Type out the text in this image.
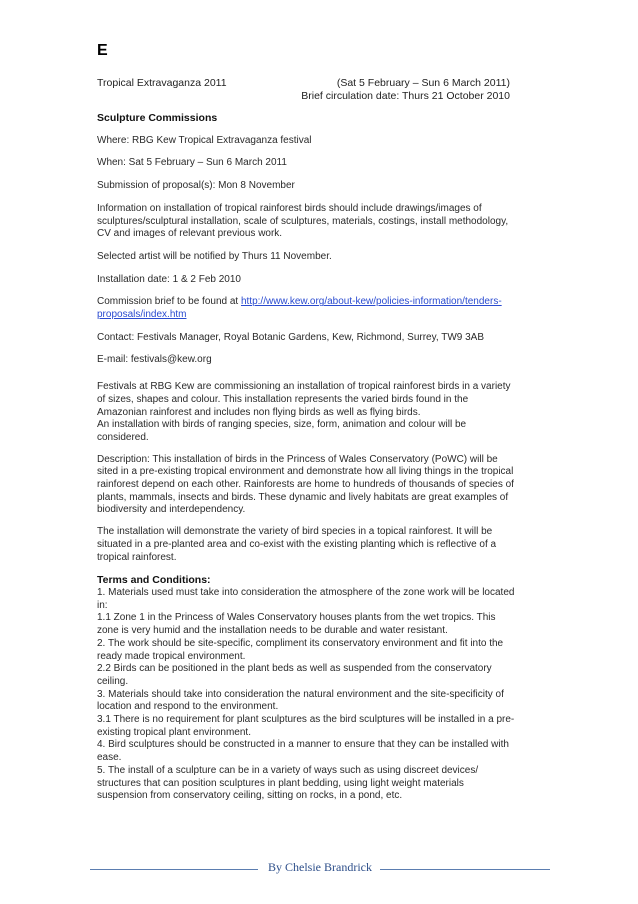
E
Tropical Extravaganza 2011	(Sat 5 February – Sun 6 March 2011)
Brief circulation date: Thurs 21 October 2010

Sculpture Commissions

Where: RBG Kew Tropical Extravaganza festival

When: Sat 5 February – Sun 6 March 2011

Submission of proposal(s): Mon 8 November

Information on installation of tropical rainforest birds should include drawings/images of sculptures/sculptural installation, scale of sculptures, materials, costings, install methodology, CV and images of relevant previous work.

Selected artist will be notified by Thurs 11 November.

Installation date: 1 & 2 Feb 2010

Commission brief to be found at http://www.kew.org/about-kew/policies-information/tenders-proposals/index.htm

Contact: Festivals Manager, Royal Botanic Gardens, Kew, Richmond, Surrey, TW9 3AB

E-mail: festivals@kew.org

Festivals at RBG Kew are commissioning an installation of tropical rainforest birds in a variety of sizes, shapes and colour. This installation represents the varied birds found in the Amazonian rainforest and includes non flying birds as well as flying birds.

An installation with birds of ranging species, size, form, animation and colour will be considered.

Description: This installation of birds in the Princess of Wales Conservatory (PoWC) will be sited in a pre-existing tropical environment and demonstrate how all living things in the tropical rainforest depend on each other. Rainforests are home to hundreds of thousands of species of plants, mammals, insects and birds. These dynamic and lively habitats are great examples of biodiversity and interdependency.

The installation will demonstrate the variety of bird species in a topical rainforest. It will be situated in a pre-planted area and co-exist with the existing planting which is reflective of a tropical rainforest.

Terms and Conditions:

1. Materials used must take into consideration the atmosphere of the zone work will be located in:

1.1 Zone 1 in the Princess of Wales Conservatory houses plants from the wet tropics. This zone is very humid and the installation needs to be durable and water resistant.

2. The work should be site-specific, compliment its conservatory environment and fit into the ready made tropical environment.

2.2 Birds can be positioned in the plant beds as well as suspended from the conservatory ceiling.

3. Materials should take into consideration the natural environment and the site-specificity of location and respond to the environment.

3.1 There is no requirement for plant sculptures as the bird sculptures will be installed in a pre-existing tropical plant environment.

4. Bird sculptures should be constructed in a manner to ensure that they can be installed with ease.

5. The install of a sculpture can be in a variety of ways such as using discreet devices/ structures that can position sculptures in plant bedding, using light weight materials suspension from conservatory ceiling, sitting on rocks, in a pond, etc.

By Chelsie Brandrick
